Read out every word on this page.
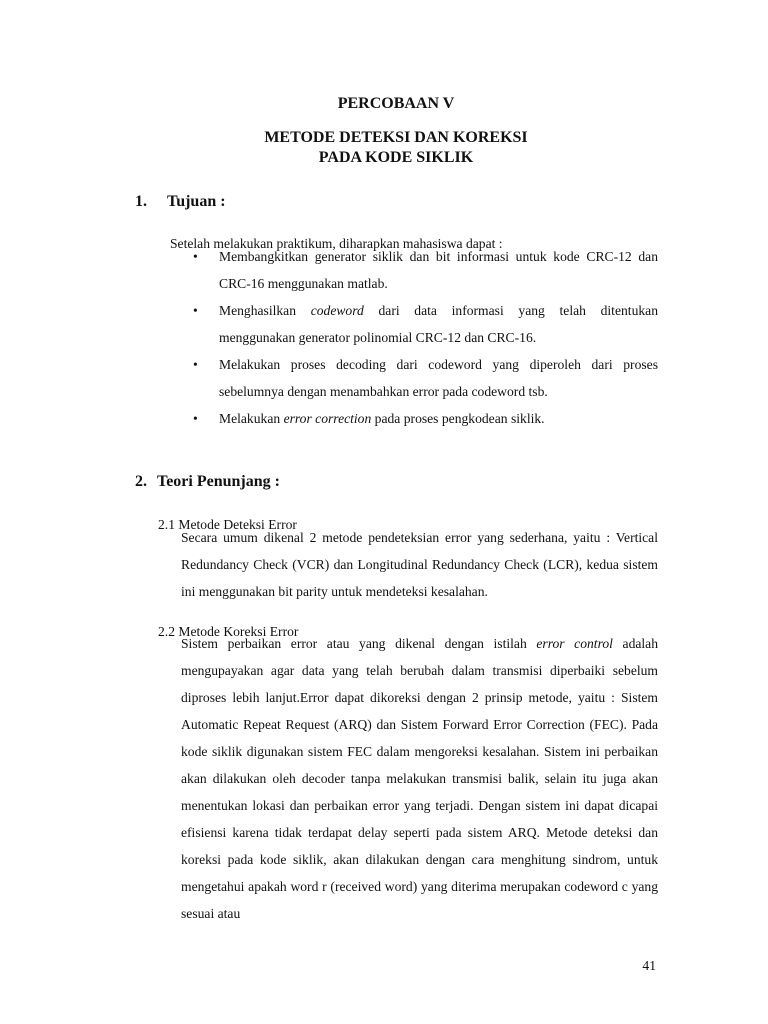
PERCOBAAN V

METODE DETEKSI DAN KOREKSI

PADA KODE SIKLIK

1. Tujuan :

Setelah melakukan praktikum, diharapkan mahasiswa dapat :

• Membangkitkan generator siklik dan bit informasi untuk kode CRC-12 dan CRC-16 menggunakan matlab.
• Menghasilkan codeword dari data informasi yang telah ditentukan menggunakan generator polinomial CRC-12 dan CRC-16.
• Melakukan proses decoding dari codeword yang diperoleh dari proses sebelumnya dengan menambahkan error pada codeword tsb.
• Melakukan error correction pada proses pengkodean siklik.
2. Teori Penunjang :

2.1 Metode Deteksi Error

Secara umum dikenal 2 metode pendeteksian error yang sederhana, yaitu : Vertical Redundancy Check (VCR) dan Longitudinal Redundancy Check (LCR), kedua sistem ini menggunakan bit parity untuk mendeteksi kesalahan.

2.2 Metode Koreksi Error

Sistem perbaikan error atau yang dikenal dengan istilah error control adalah mengupayakan agar data yang telah berubah dalam transmisi diperbaiki sebelum diproses lebih lanjut.Error dapat dikoreksi dengan 2 prinsip metode, yaitu : Sistem Automatic Repeat Request (ARQ) dan Sistem Forward Error Correction (FEC). Pada kode siklik digunakan sistem FEC dalam mengoreksi kesalahan. Sistem ini perbaikan akan dilakukan oleh decoder tanpa melakukan transmisi balik, selain itu juga akan menentukan lokasi dan perbaikan error yang terjadi. Dengan sistem ini dapat dicapai efisiensi karena tidak terdapat delay seperti pada sistem ARQ. Metode deteksi dan koreksi pada kode siklik, akan dilakukan dengan cara menghitung sindrom, untuk mengetahui apakah word r (received word) yang diterima merupakan codeword c yang sesuai atau

41
